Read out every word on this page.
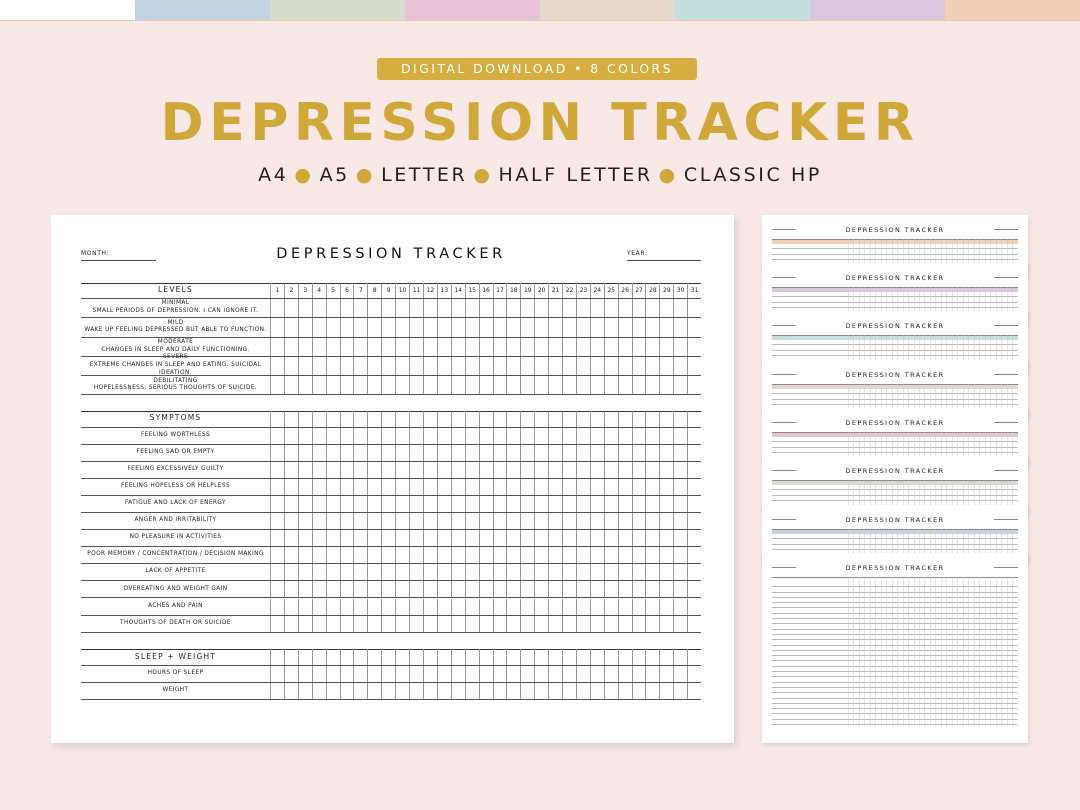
DIGITAL DOWNLOAD • 8 COLORS
DEPRESSION TRACKER
A4 ● A5 ● LETTER ● HALF LETTER ● CLASSIC HP
MONTH:	DEPRESSION TRACKER	YEAR:
LEVELS	1	2	3	4	5	6	7	8	9	10	11	12	13	14	15	16	17	18	19	20	21	22	23	24	25	26	27	28	29	30	31
MINIMAL
SMALL PERIODS OF DEPRESSION. I CAN IGNORE IT.
MILD
WAKE UP FEELING DEPRESSED BUT ABLE TO FUNCTION.
MODERATE
CHANGES IN SLEEP AND DAILY FUNCTIONING.
SEVERE
EXTREME CHANGES IN SLEEP AND EATING. SUICIDAL IDEATION.
DEBILITATING
HOPELESSNESS. SERIOUS THOUGHTS OF SUICIDE.
SYMPTOMS
FEELING WORTHLESS
FEELING SAD OR EMPTY
FEELING EXCESSIVELY GUILTY
FEELING HOPELESS OR HELPLESS
FATIGUE AND LACK OF ENERGY
ANGER AND IRRITABILITY
NO PLEASURE IN ACTIVITIES
POOR MEMORY / CONCENTRATION / DECISION MAKING
LACK OF APPETITE
OVEREATING AND WEIGHT GAIN
ACHES AND PAIN
THOUGHTS OF DEATH OR SUICIDE
SLEEP + WEIGHT
HOURS OF SLEEP
WEIGHT
DEPRESSION TRACKER
DEPRESSION TRACKER
DEPRESSION TRACKER
DEPRESSION TRACKER
DEPRESSION TRACKER
DEPRESSION TRACKER
DEPRESSION TRACKER
DEPRESSION TRACKER
